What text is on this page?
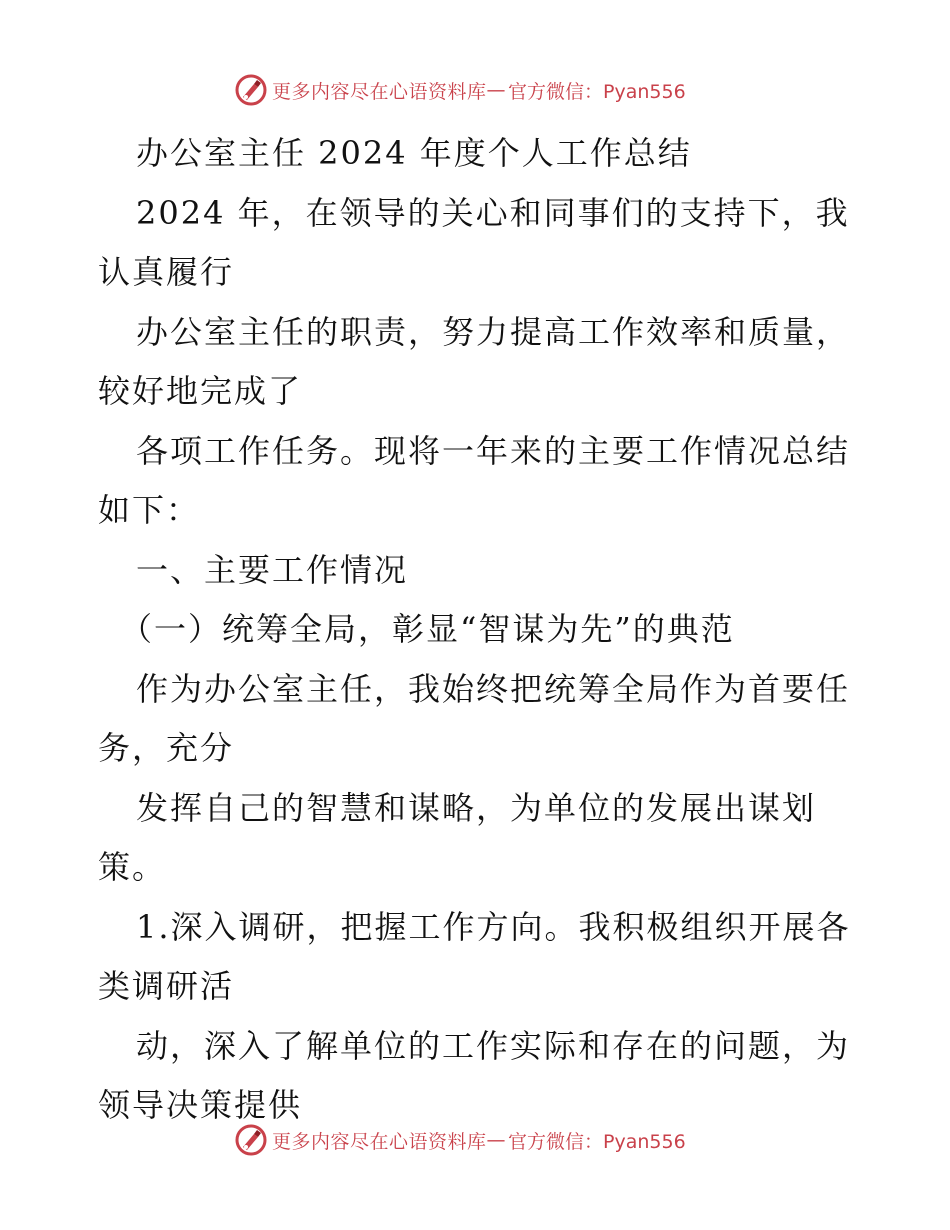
更多内容尽在心语资料库 — 官方微信：Pyan556
办公室主任 2024 年度个人工作总结
2024 年，在领导的关心和同事们的支持下，我
认真履行
办公室主任的职责，努力提高工作效率和质量，
较好地完成了
各项工作任务。现将一年来的主要工作情况总结
如下：
一、主要工作情况
（一）统筹全局，彰显“智谋为先”的典范
作为办公室主任，我始终把统筹全局作为首要任
务，充分
发挥自己的智慧和谋略，为单位的发展出谋划
策。
1.深入调研，把握工作方向。我积极组织开展各
类调研活
动，深入了解单位的工作实际和存在的问题，为
领导决策提供
更多内容尽在心语资料库 — 官方微信：Pyan556
